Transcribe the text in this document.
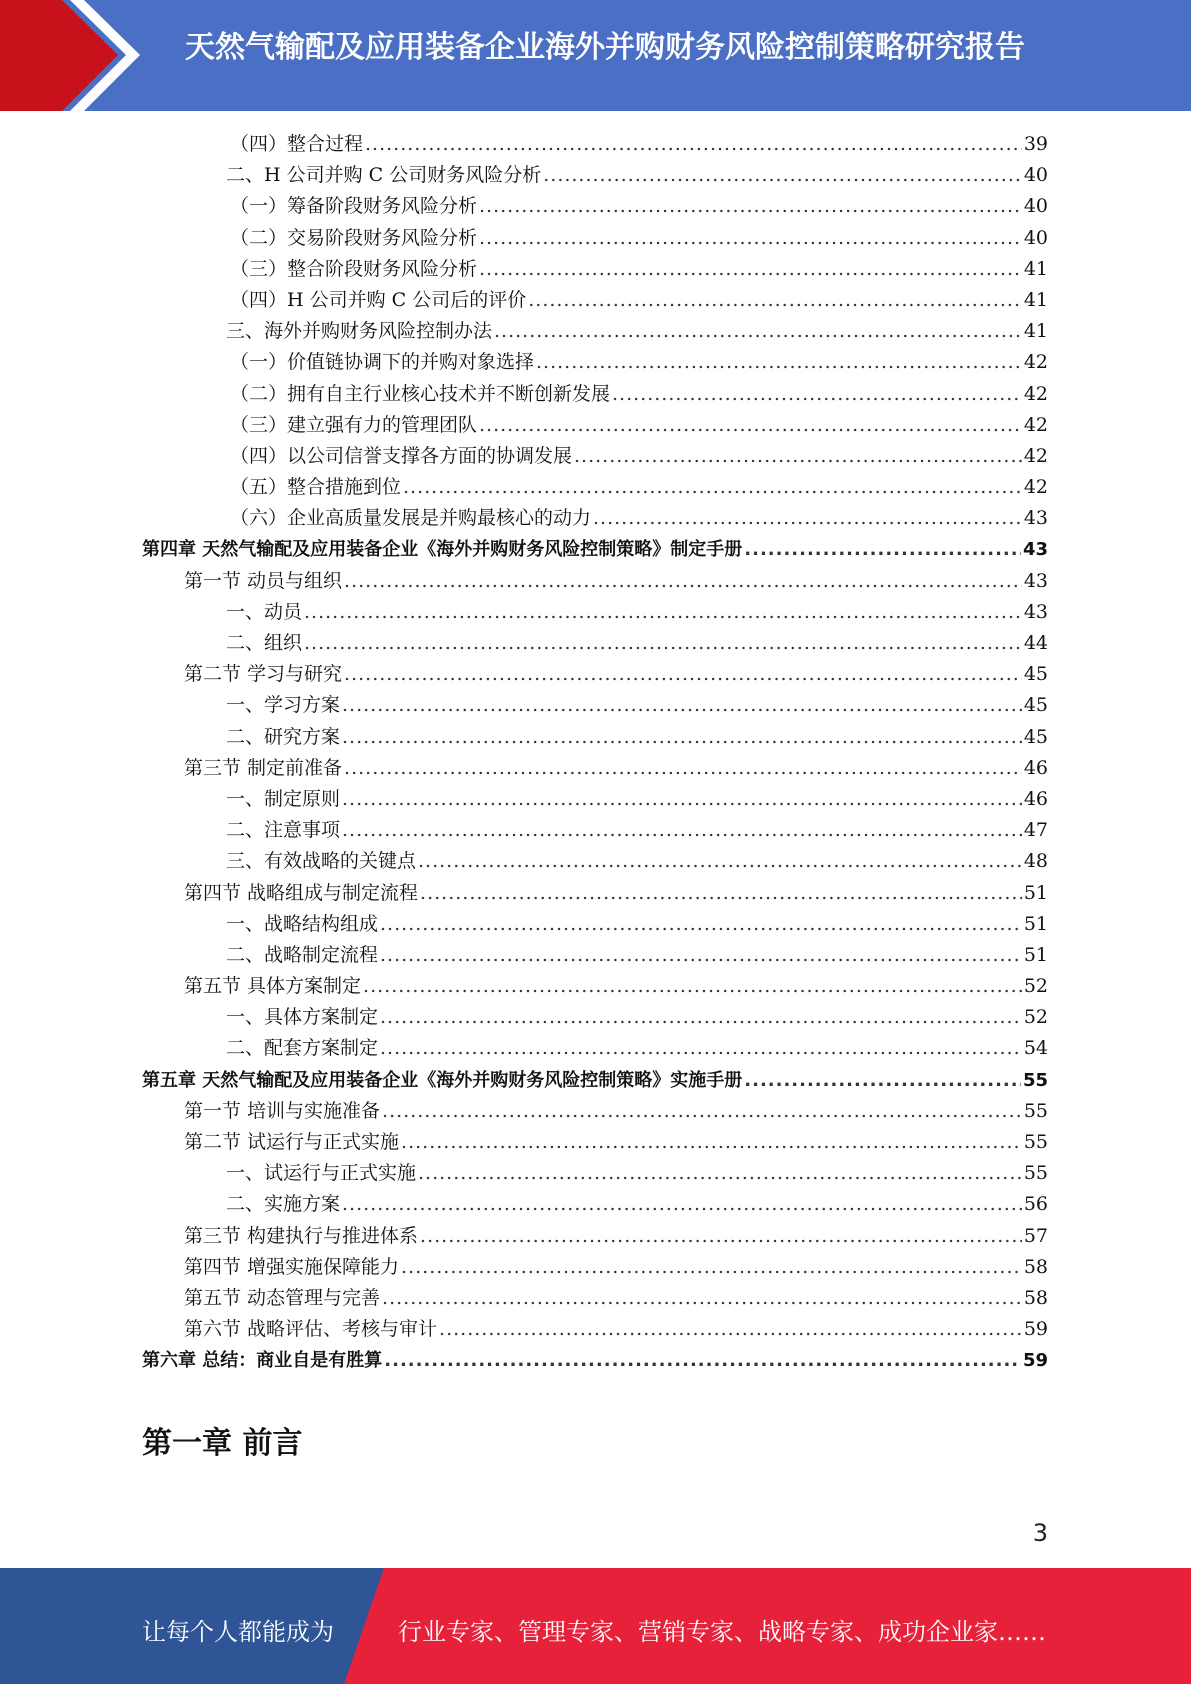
天然气输配及应用装备企业海外并购财务风险控制策略研究报告
（四）整合过程 .....	39
二、H 公司并购 C 公司财务风险分析 .....	40
（一）筹备阶段财务风险分析 .....	40
（二）交易阶段财务风险分析 .....	40
（三）整合阶段财务风险分析 .....	41
（四）H 公司并购 C 公司后的评价 .....	41
三、海外并购财务风险控制办法 .....	41
（一）价值链协调下的并购对象选择 .....	42
（二）拥有自主行业核心技术并不断创新发展 .....	42
（三）建立强有力的管理团队 .....	42
（四）以公司信誉支撑各方面的协调发展 .....	42
（五）整合措施到位 .....	42
（六）企业高质量发展是并购最核心的动力 .....	43
第四章 天然气输配及应用装备企业《海外并购财务风险控制策略》制定手册 .....	43
第一节 动员与组织 .....	43
一、动员 .....	43
二、组织 .....	44
第二节 学习与研究 .....	45
一、学习方案 .....	45
二、研究方案 .....	45
第三节 制定前准备 .....	46
一、制定原则 .....	46
二、注意事项 .....	47
三、有效战略的关键点 .....	48
第四节 战略组成与制定流程 .....	51
一、战略结构组成 .....	51
二、战略制定流程 .....	51
第五节 具体方案制定 .....	52
一、具体方案制定 .....	52
二、配套方案制定 .....	54
第五章 天然气输配及应用装备企业《海外并购财务风险控制策略》实施手册 .....	55
第一节 培训与实施准备 .....	55
第二节 试运行与正式实施 .....	55
一、试运行与正式实施 .....	55
二、实施方案 .....	56
第三节 构建执行与推进体系 .....	57
第四节 增强实施保障能力 .....	58
第五节 动态管理与完善 .....	58
第六节 战略评估、考核与审计 .....	59
第六章 总结：商业自是有胜算 .....	59
第一章 前言
3
让每个人都能成为	行业专家、管理专家、营销专家、战略专家、成功企业家……
